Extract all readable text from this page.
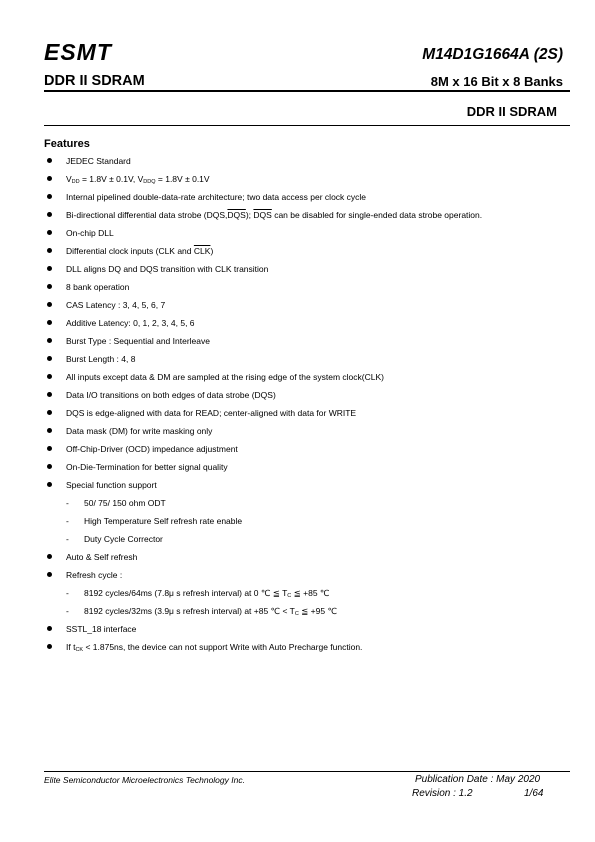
ESMT	M14D1G1664A (2S)
DDR II SDRAM	8M x 16 Bit x 8 Banks
DDR II SDRAM
Features
JEDEC Standard
$V_{DD} = 1.8V \pm 0.1V$, $V_{DDQ} = 1.8V \pm 0.1V$
Internal pipelined double-data-rate architecture; two data access per clock cycle
Bi-directional differential data strobe $(DQS,\overline{DQS})$; $\overline{DQS}$ can be disabled for single-ended data strobe operation.
On-chip DLL
Differential clock inputs (CLK and $\overline{CLK}$)
DLL aligns DQ and DQS transition with CLK transition
8 bank operation
CAS Latency : 3, 4, 5, 6, 7
Additive Latency: 0, 1, 2, 3, 4, 5, 6
Burst Type : Sequential and Interleave
Burst Length : 4, 8
All inputs except data & DM are sampled at the rising edge of the system clock(CLK)
Data I/O transitions on both edges of data strobe (DQS)
DQS is edge-aligned with data for READ; center-aligned with data for WRITE
Data mask (DM) for write masking only
Off-Chip-Driver (OCD) impedance adjustment
On-Die-Termination for better signal quality
Special function support
- 50/ 75/ 150 ohm ODT
- High Temperature Self refresh rate enable
- Duty Cycle Corrector
Auto & Self refresh
Refresh cycle :
- 8192 cycles/64ms (7.8μ s refresh interval) at 0 ℃ ≦ $T_C$ ≦ +85 ℃
- 8192 cycles/32ms (3.9μ s refresh interval) at +85 ℃ < $T_C$ ≦ +95 ℃
SSTL_18 interface
If $t_{CK} < 1.875ns$, the device can not support Write with Auto Precharge function.
Elite Semiconductor Microelectronics Technology Inc.	Publication Date : May 2020
Revision : 1.2	1/64
